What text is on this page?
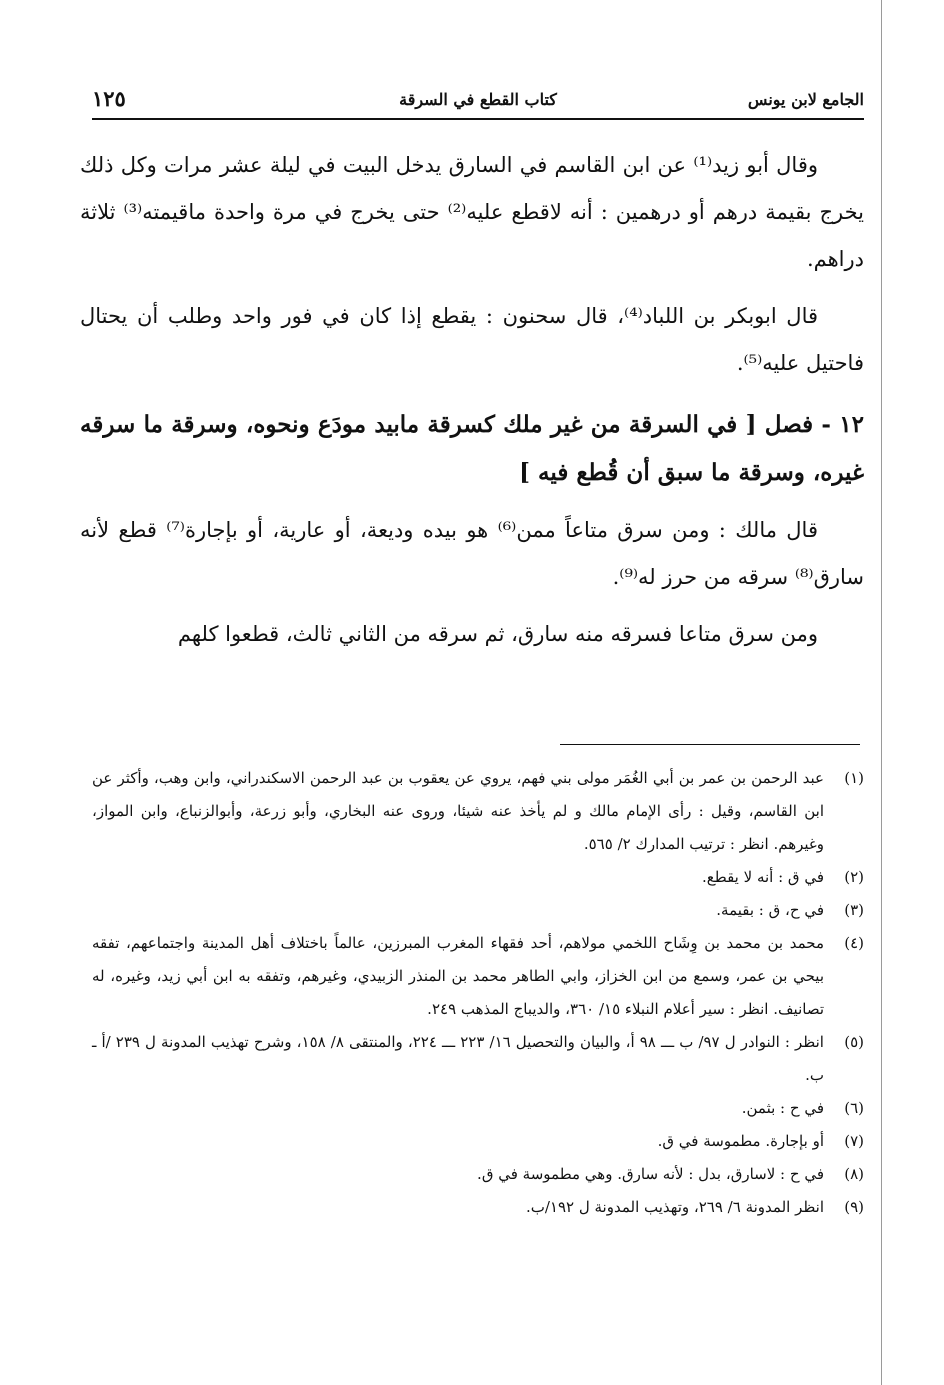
الجامع لابن يونس
كتاب القطع في السرقة
١٢٥

وقال أبو زيد⁽¹⁾ عن ابن القاسم في السارق يدخل البيت في ليلة عشر مرات وكل ذلك يخرج بقيمة درهم أو درهمين : أنه لاقطع عليه⁽²⁾ حتى يخرج في مرة واحدة ماقيمته⁽³⁾ ثلاثة دراهم.

قال ابوبكر بن اللباد⁽⁴⁾، قال سحنون : يقطع إذا كان في فور واحد وطلب أن يحتال فاحتيل عليه⁽⁵⁾.

١٢ - فصل [ في السرقة من غير ملك كسرقة مابيد مودَع ونحوه، وسرقة ما سرقه غيره، وسرقة ما سبق أن قُطع فيه ]

قال مالك : ومن سرق متاعاً ممن⁽⁶⁾ هو بيده وديعة، أو عارية، أو بإجارة⁽⁷⁾ قطع لأنه سارق⁽⁸⁾ سرقه من حرز له⁽⁹⁾.

ومن سرق متاعا فسرقه منه سارق، ثم سرقه من الثاني ثالث، قطعوا كلهم

(١)
عبد الرحمن بن عمر بن أبي الغُمَر مولى بني فهم، يروي عن يعقوب بن عبد الرحمن الاسكندراني، وابن وهب، وأكثر عن ابن القاسم، وقيل : رأى الإمام مالك و لم يأخذ عنه شيئا، وروى عنه البخاري، وأبو زرعة، وأبوالزنباع، وابن المواز، وغيرهم. انظر : ترتيب المدارك ٢/ ٥٦٥.
(٢)
في ق : أنه لا يقطع.
(٣)
في ح، ق : بقيمة.
(٤)
محمد بن محمد بن وِشَاح اللخمي مولاهم، أحد فقهاء المغرب المبرزين، عالماً باختلاف أهل المدينة واجتماعهم، تفقه بيحي بن عمر، وسمع من ابن الخزاز، وابي الطاهر محمد بن المنذر الزبيدي، وغيرهم، وتفقه به ابن أبي زيد، وغيره، له تصانيف. انظر : سير أعلام النبلاء ١٥/ ٣٦٠، والديباج المذهب ٢٤٩.
(٥)
انظر : النوادر ل ٩٧/ ب ـــ ٩٨ أ، والبيان والتحصيل ١٦/ ٢٢٣ ـــ ٢٢٤، والمنتقى ٨/ ١٥٨، وشرح تهذيب المدونة ل ٢٣٩ /أ ـ ب.
(٦)
في ح : بثمن.
(٧)
أو بإجارة. مطموسة في ق.
(٨)
في ح : لاسارق، بدل : لأنه سارق. وهي مطموسة في ق.
(٩)
انظر المدونة ٦/ ٢٦٩، وتهذيب المدونة ل ١٩٢/ب.
